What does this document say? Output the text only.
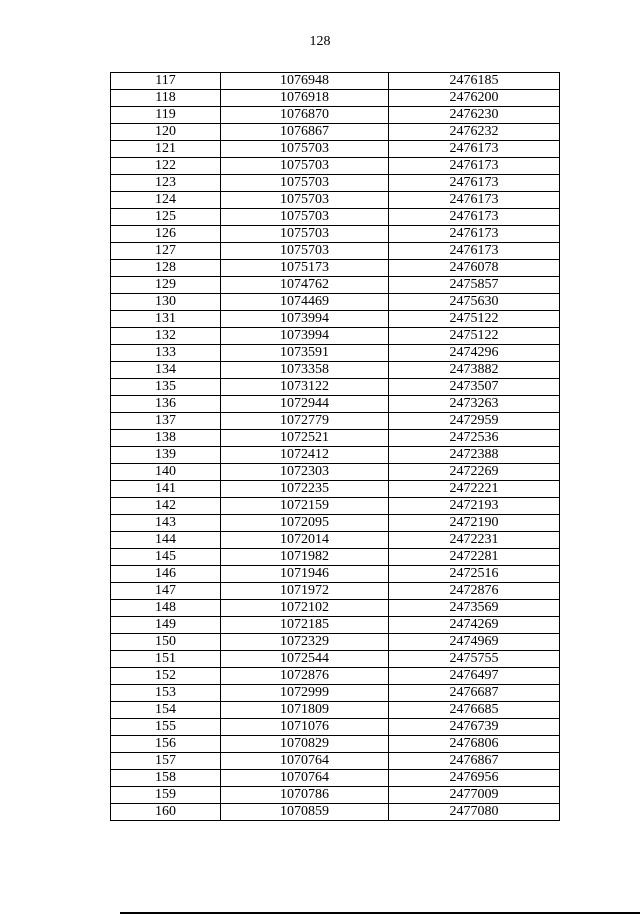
128
117	1076948	2476185
118	1076918	2476200
119	1076870	2476230
120	1076867	2476232
121	1075703	2476173
122	1075703	2476173
123	1075703	2476173
124	1075703	2476173
125	1075703	2476173
126	1075703	2476173
127	1075703	2476173
128	1075173	2476078
129	1074762	2475857
130	1074469	2475630
131	1073994	2475122
132	1073994	2475122
133	1073591	2474296
134	1073358	2473882
135	1073122	2473507
136	1072944	2473263
137	1072779	2472959
138	1072521	2472536
139	1072412	2472388
140	1072303	2472269
141	1072235	2472221
142	1072159	2472193
143	1072095	2472190
144	1072014	2472231
145	1071982	2472281
146	1071946	2472516
147	1071972	2472876
148	1072102	2473569
149	1072185	2474269
150	1072329	2474969
151	1072544	2475755
152	1072876	2476497
153	1072999	2476687
154	1071809	2476685
155	1071076	2476739
156	1070829	2476806
157	1070764	2476867
158	1070764	2476956
159	1070786	2477009
160	1070859	2477080
